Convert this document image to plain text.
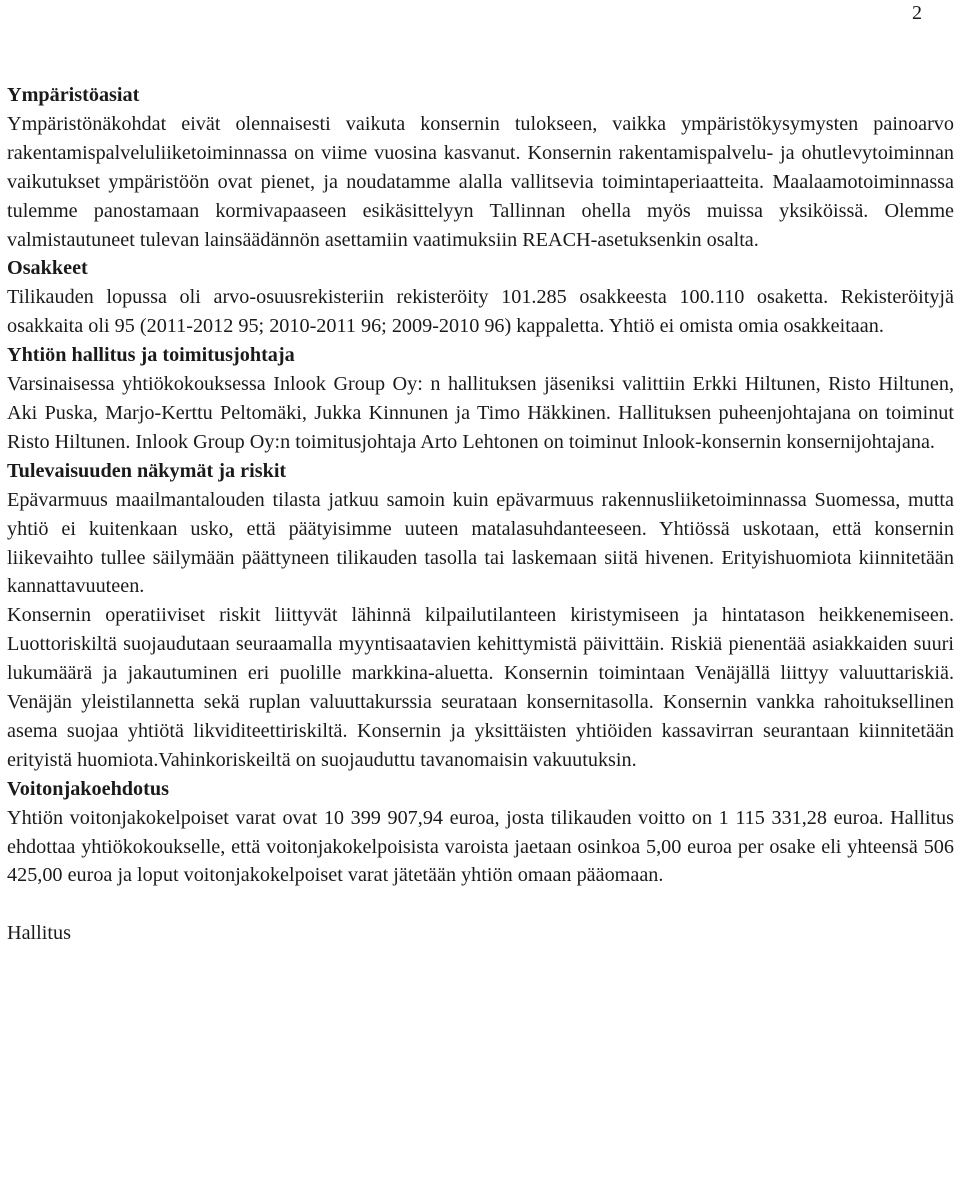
2
Ympäristöasiat
Ympäristönäkohdat eivät olennaisesti vaikuta konsernin tulokseen, vaikka ympäristökysymysten painoarvo rakentamispalveluliiketoiminnassa on viime vuosina kasvanut. Konsernin rakentamispalvelu- ja ohutlevytoiminnan vaikutukset ympäristöön ovat pienet, ja noudatamme alalla vallitsevia toimintaperiaatteita. Maalaamotoiminnassa tulemme panostamaan kormivapaaseen esikäsittelyyn Tallinnan ohella myös muissa yksiköissä. Olemme valmistautuneet tulevan lainsäädännön asettamiin vaatimuksiin REACH-asetuksenkin osalta.
Osakkeet
Tilikauden lopussa oli arvo-osuusrekisteriin rekisteröity 101.285 osakkeesta 100.110 osaketta. Rekisteröityjä osakkaita oli 95 (2011-2012 95; 2010-2011 96; 2009-2010 96) kappaletta. Yhtiö ei omista omia osakkeitaan.
Yhtiön hallitus ja toimitusjohtaja
Varsinaisessa yhtiökokouksessa Inlook Group Oy: n hallituksen jäseniksi valittiin Erkki Hiltunen, Risto Hiltunen, Aki Puska, Marjo-Kerttu Peltomäki, Jukka Kinnunen ja Timo Häkkinen. Hallituksen puheenjohtajana on toiminut Risto Hiltunen. Inlook Group Oy:n toimitusjohtaja Arto Lehtonen on toiminut Inlook-konsernin konsernijohtajana.
Tulevaisuuden näkymät ja riskit
Epävarmuus maailmantalouden tilasta jatkuu samoin kuin epävarmuus rakennusliiketoiminnassa Suomessa, mutta yhtiö ei kuitenkaan usko, että päätyisimme uuteen matalasuhdanteeseen. Yhtiössä uskotaan, että konsernin liikevaihto tullee säilymään päättyneen tilikauden tasolla tai laskemaan siitä hivenen. Erityishuomiota kiinnitetään kannattavuuteen.
Konsernin operatiiviset riskit liittyvät lähinnä kilpailutilanteen kiristymiseen ja hintatason heikkenemiseen. Luottoriskiltä suojaudutaan seuraamalla myyntisaatavien kehittymistä päivittäin. Riskiä pienentää asiakkaiden suuri lukumäärä ja jakautuminen eri puolille markkina-aluetta. Konsernin toimintaan Venäjällä liittyy valuuttariskiä. Venäjän yleistilannetta sekä ruplan valuuttakurssia seurataan konsernitasolla. Konsernin vankka rahoituksellinen asema suojaa yhtiötä likviditeettiriskiltä. Konsernin ja yksittäisten yhtiöiden kassavirran seurantaan kiinnitetään erityistä huomiota.Vahinkoriskeiltä on suojauduttu tavanomaisin vakuutuksin.
Voitonjakoehdotus
Yhtiön voitonjakokelpoiset varat ovat 10 399 907,94 euroa, josta tilikauden voitto on 1 115 331,28 euroa. Hallitus ehdottaa yhtiökokoukselle, että voitonjakokelpoisista varoista jaetaan osinkoa 5,00 euroa per osake eli yhteensä 506 425,00 euroa ja loput voitonjakokelpoiset varat jätetään yhtiön omaan pääomaan.
Hallitus
